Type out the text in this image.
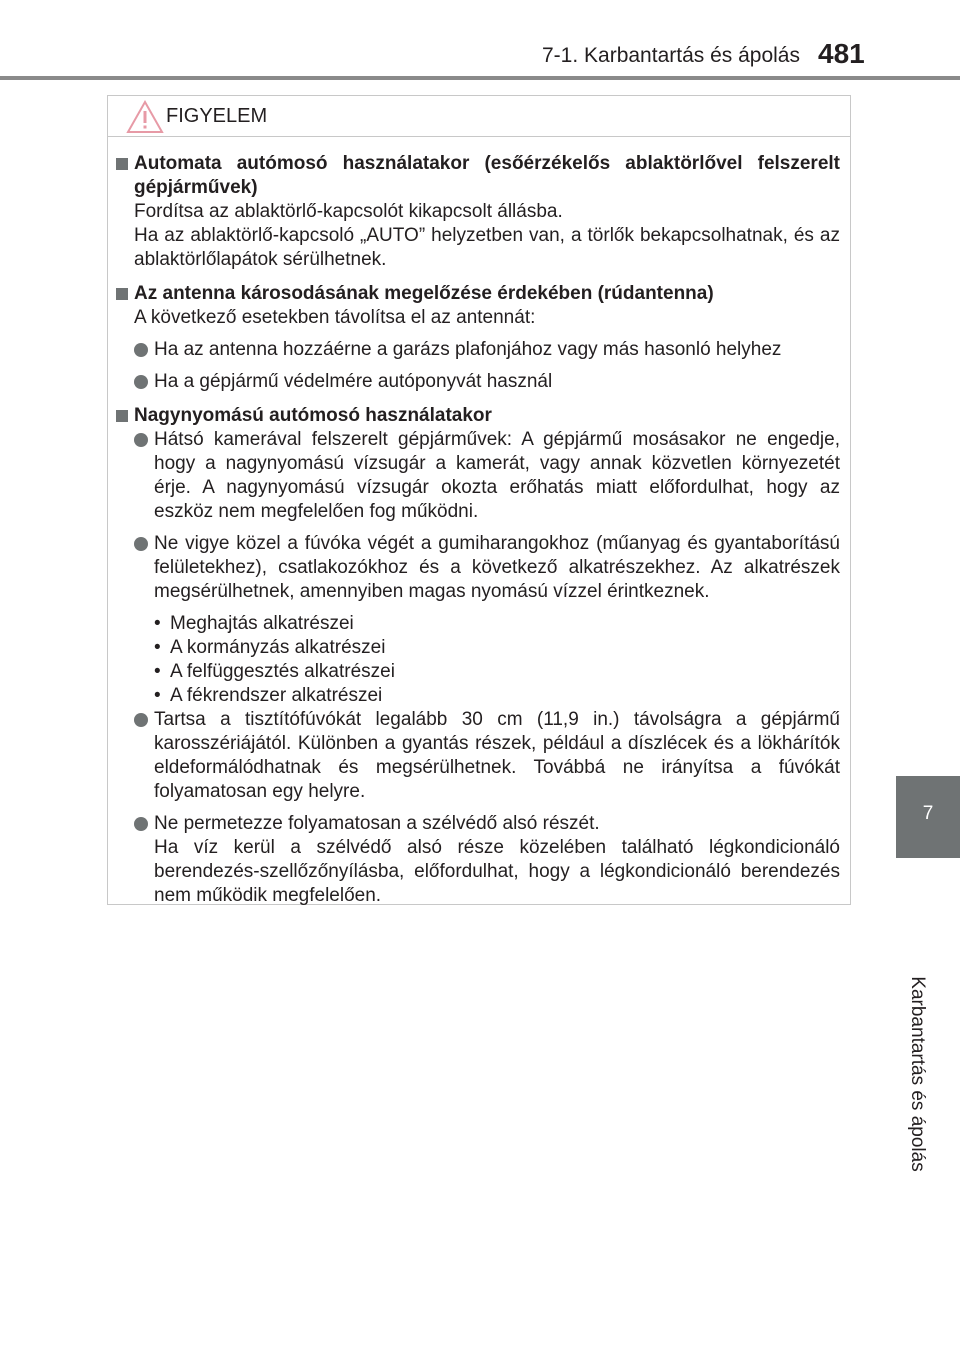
7-1. Karbantartás és ápolás 481
7
Karbantartás és ápolás
FIGYELEM
Automata autómosó használatakor (esőérzékelős ablaktörlővel felszerelt gépjárművek)
Fordítsa az ablaktörlő-kapcsolót kikapcsolt állásba.
Ha az ablaktörlő-kapcsoló „AUTO” helyzetben van, a törlők bekapcsolhatnak, és az ablaktörlőlapátok sérülhetnek.
Az antenna károsodásának megelőzése érdekében (rúdantenna)
A következő esetekben távolítsa el az antennát:
Ha az antenna hozzáérne a garázs plafonjához vagy más hasonló helyhez
Ha a gépjármű védelmére autóponyvát használ
Nagynyomású autómosó használatakor
Hátsó kamerával felszerelt gépjárművek: A gépjármű mosásakor ne engedje, hogy a nagynyomású vízsugár a kamerát, vagy annak közvetlen környezetét érje. A nagynyomású vízsugár okozta erőhatás miatt előfordulhat, hogy az eszköz nem megfelelően fog működni.
Ne vigye közel a fúvóka végét a gumiharangokhoz (műanyag és gyantaborítású felületekhez), csatlakozókhoz és a következő alkatrészekhez. Az alkatrészek megsérülhetnek, amennyiben magas nyomású vízzel érintkeznek.
• Meghajtás alkatrészei
• A kormányzás alkatrészei
• A felfüggesztés alkatrészei
• A fékrendszer alkatrészei
Tartsa a tisztítófúvókát legalább 30 cm (11,9 in.) távolságra a gépjármű karosszériájától. Különben a gyantás részek, például a díszlécek és a lökhárítók eldeformálódhatnak és megsérülhetnek. Továbbá ne irányítsa a fúvókát folyamatosan egy helyre.
Ne permetezze folyamatosan a szélvédő alsó részét.
Ha víz kerül a szélvédő alsó része közelében található légkondicionáló berendezés-szellőzőnyílásba, előfordulhat, hogy a légkondicionáló berendezés nem működik megfelelően.
